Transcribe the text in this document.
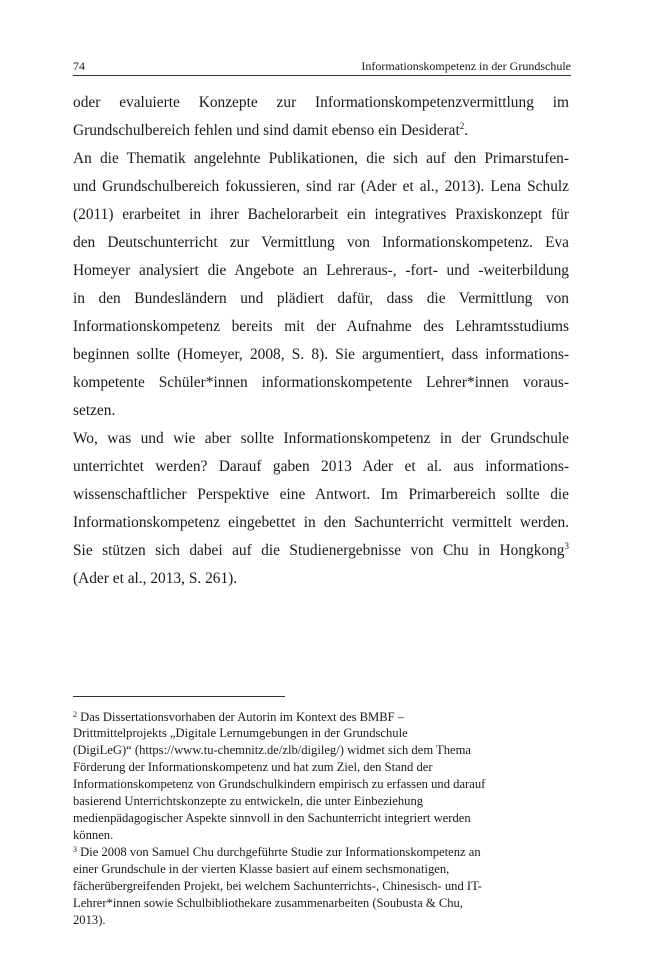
74	Informationskompetenz in der Grundschule
oder evaluierte Konzepte zur Informationskompetenzvermittlung im
Grundschulbereich fehlen und sind damit ebenso ein Desiderat$^2$.
An die Thematik angelehnte Publikationen, die sich auf den Primarstufen-
und Grundschulbereich fokussieren, sind rar (Ader et al., 2013). Lena Schulz
(2011) erarbeitet in ihrer Bachelorarbeit ein integratives Praxiskonzept für
den Deutschunterricht zur Vermittlung von Informationskompetenz. Eva
Homeyer analysiert die Angebote an Lehreraus-, -fort- und -weiterbildung
in den Bundesländern und plädiert dafür, dass die Vermittlung von
Informationskompetenz bereits mit der Aufnahme des Lehramtsstudiums
beginnen sollte (Homeyer, 2008, S. 8). Sie argumentiert, dass informations-
kompetente Schüler*innen informationskompetente Lehrer*innen voraus-
setzen.
Wo, was und wie aber sollte Informationskompetenz in der Grundschule
unterrichtet werden? Darauf gaben 2013 Ader et al. aus informations-
wissenschaftlicher Perspektive eine Antwort. Im Primarbereich sollte die
Informationskompetenz eingebettet in den Sachunterricht vermittelt werden.
Sie stützen sich dabei auf die Studienergebnisse von Chu in Hongkong$^3$
(Ader et al., 2013, S. 261).
$^2$ Das Dissertationsvorhaben der Autorin im Kontext des BMBF –
Drittmittelprojekts „Digitale Lernumgebungen in der Grundschule
(DigiLeG)“ (https://www.tu-chemnitz.de/zlb/digileg/) widmet sich dem Thema
Förderung der Informationskompetenz und hat zum Ziel, den Stand der
Informationskompetenz von Grundschulkindern empirisch zu erfassen und darauf
basierend Unterrichtskonzepte zu entwickeln, die unter Einbeziehung
medienpädagogischer Aspekte sinnvoll in den Sachunterricht integriert werden
können.
$^3$ Die 2008 von Samuel Chu durchgeführte Studie zur Informationskompetenz an
einer Grundschule in der vierten Klasse basiert auf einem sechsmonatigen,
fächerübergreifenden Projekt, bei welchem Sachunterrichts-, Chinesisch- und IT-
Lehrer*innen sowie Schulbibliothekare zusammenarbeiten (Soubusta & Chu,
2013).
